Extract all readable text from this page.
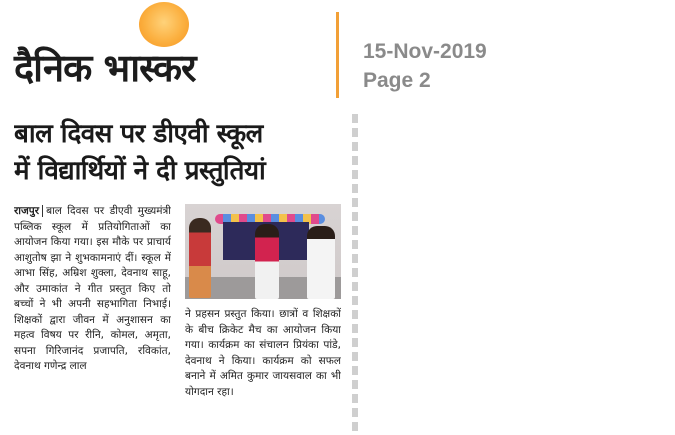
दैनिक भास्कर	15-Nov-2019
Page 2
बाल दिवस पर डीएवी स्कूल
में विद्यार्थियों ने दी प्रस्तुतियां
राजपुर बाल दिवस पर डीएवी मुख्यमंत्री पब्लिक स्कूल में प्रतियोगिताओं का आयोजन किया गया। इस मौके पर प्राचार्य आशुतोष झा ने शुभकामनाएं दीं। स्कूल में आभा सिंह, अम्रिश शुक्ला, देवनाथ साहू, और उमाकांत ने गीत प्रस्तुत किए तो बच्चों ने भी अपनी सहभागिता निभाई। शिक्षकों द्वारा जीवन में अनुशासन का महत्व विषय पर रीनि, कोमल, अमृता, सपना गिरिजानंद प्रजापति, रविकांत, देवनाथ गणेन्द्र लाल
ने प्रहसन प्रस्तुत किया। छात्रों व शिक्षकों के बीच क्रिकेट मैच का आयोजन किया गया। कार्यक्रम का संचालन प्रियंका पांडे, देवनाथ ने किया। कार्यक्रम को सफल बनाने में अमित कुमार जायसवाल का भी योगदान रहा।
